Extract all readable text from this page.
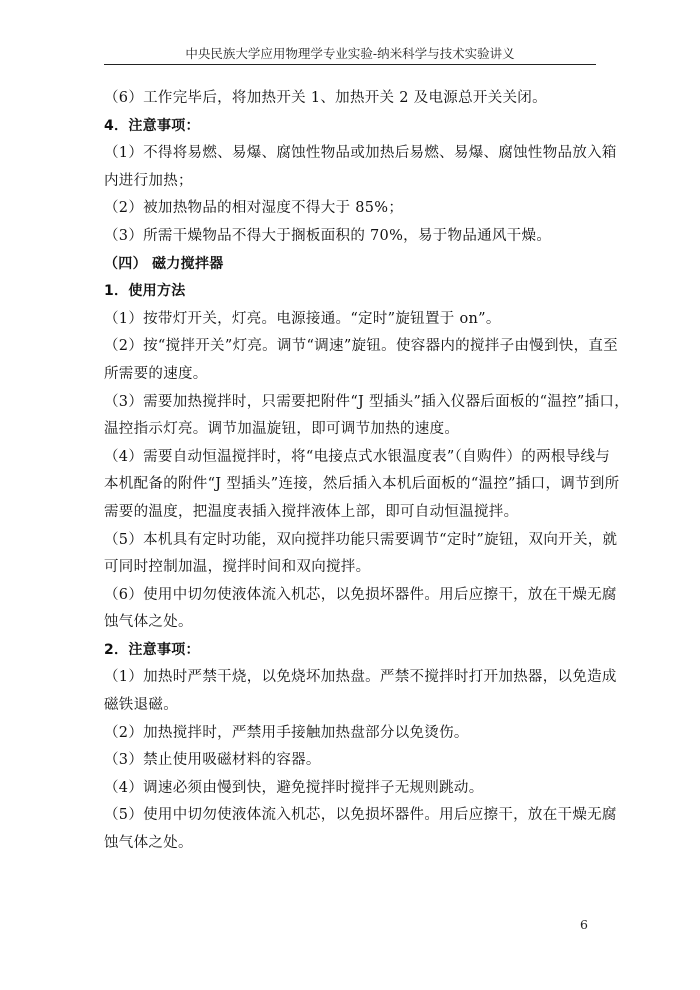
中央民族大学应用物理学专业实验-纳米科学与技术实验讲义
（6）工作完毕后，将加热开关 1、加热开关 2 及电源总开关关闭。
4．注意事项：
（1）不得将易燃、易爆、腐蚀性物品或加热后易燃、易爆、腐蚀性物品放入箱
内进行加热；
（2）被加热物品的相对湿度不得大于 85%；
（3）所需干燥物品不得大于搁板面积的 70%，易于物品通风干燥。
（四） 磁力搅拌器
1．使用方法
（1）按带灯开关，灯亮。电源接通。“定时”旋钮置于 on”。
（2）按“搅拌开关”灯亮。调节“调速”旋钮。使容器内的搅拌子由慢到快，直至
所需要的速度。
（3）需要加热搅拌时，只需要把附件“J 型插头”插入仪器后面板的“温控”插口，
温控指示灯亮。调节加温旋钮，即可调节加热的速度。
（4）需要自动恒温搅拌时，将“电接点式水银温度表”（自购件）的两根导线与
本机配备的附件“J 型插头”连接，然后插入本机后面板的“温控”插口，调节到所
需要的温度，把温度表插入搅拌液体上部，即可自动恒温搅拌。
（5）本机具有定时功能，双向搅拌功能只需要调节“定时”旋钮，双向开关，就
可同时控制加温，搅拌时间和双向搅拌。
（6）使用中切勿使液体流入机芯，以免损坏器件。用后应擦干，放在干燥无腐
蚀气体之处。
2．注意事项：
（1）加热时严禁干烧，以免烧坏加热盘。严禁不搅拌时打开加热器，以免造成
磁铁退磁。
（2）加热搅拌时，严禁用手接触加热盘部分以免烫伤。
（3）禁止使用吸磁材料的容器。
（4）调速必须由慢到快，避免搅拌时搅拌子无规则跳动。
（5）使用中切勿使液体流入机芯，以免损坏器件。用后应擦干，放在干燥无腐
蚀气体之处。
6
